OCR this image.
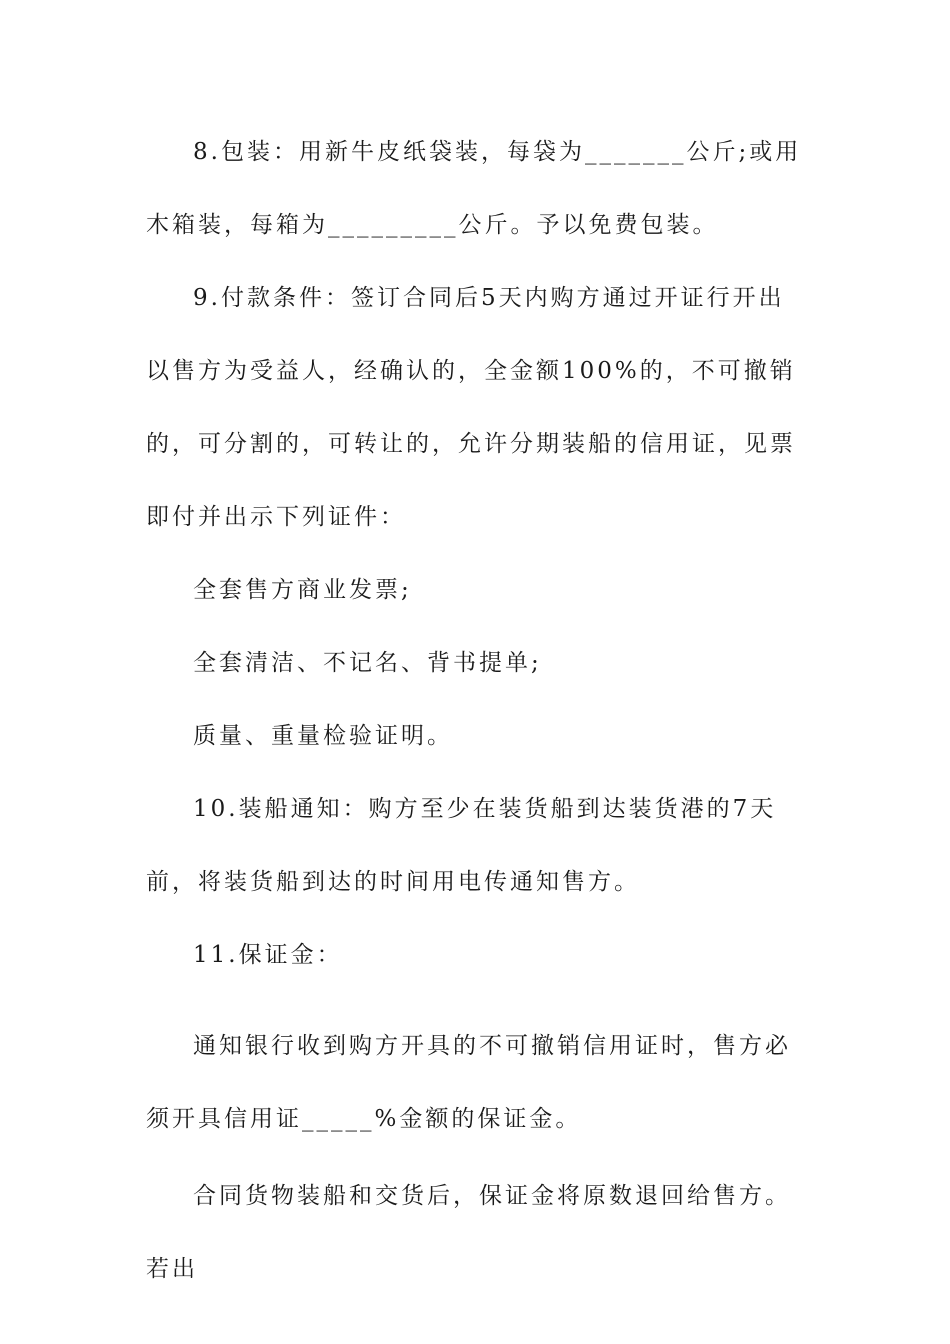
8.包装：用新牛皮纸袋装，每袋为_______公斤;或用木箱装，每箱为_________公斤。予以免费包装。

9.付款条件：签订合同后5天内购方通过开证行开出以售方为受益人，经确认的，全金额100%的，不可撤销的，可分割的，可转让的，允许分期装船的信用证，见票即付并出示下列证件：

全套售方商业发票;

全套清洁、不记名、背书提单;

质量、重量检验证明。

10.装船通知：购方至少在装货船到达装货港的7天前，将装货船到达的时间用电传通知售方。

11.保证金：

通知银行收到购方开具的不可撤销信用证时，售方必须开具信用证_____%金额的保证金。

合同货物装船和交货后，保证金将原数退回给售方。若出
